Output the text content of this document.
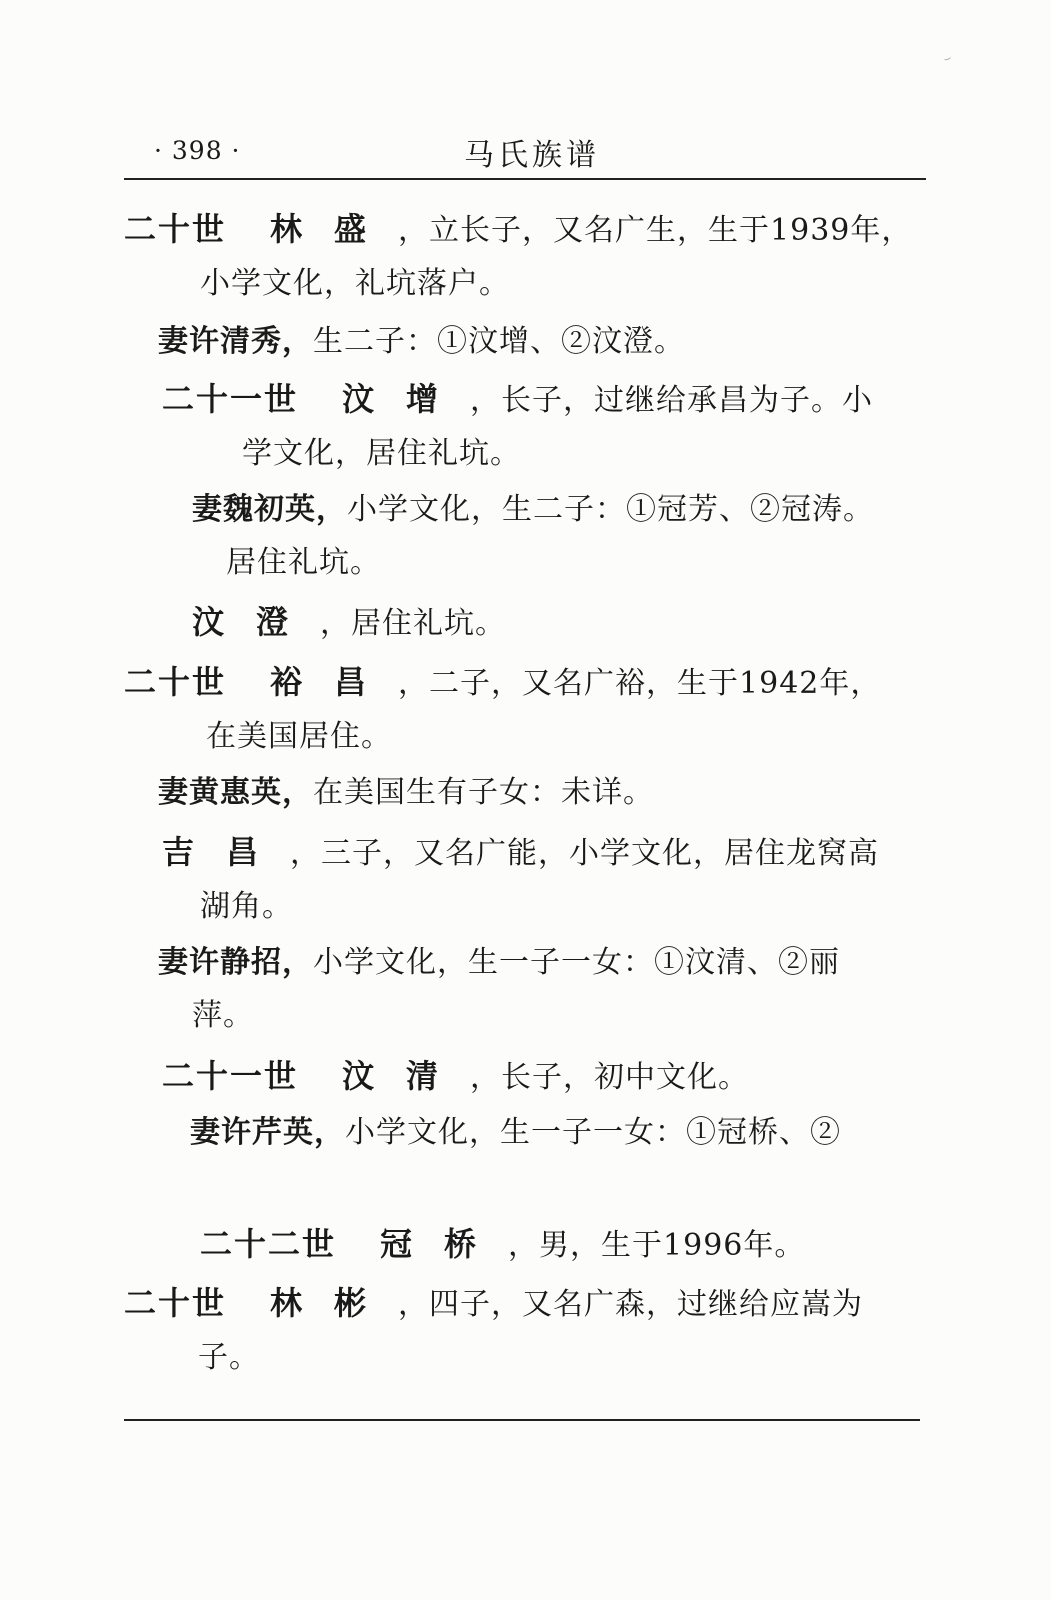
· 398 ·	马氏族谱
二十世 林盛，立长子，又名广生，生于1939年，
小学文化，礼坑落户。
妻许清秀，生二子：①汶增、②汶澄。
二十一世 汶增，长子，过继给承昌为子。小
学文化，居住礼坑。
妻魏初英，小学文化，生二子：①冠芳、②冠涛。
居住礼坑。
汶澄，居住礼坑。
二十世 裕昌，二子，又名广裕，生于1942年，
在美国居住。
妻黄惠英，在美国生有子女：未详。
吉昌，三子，又名广能，小学文化，居住龙窝高
湖角。
妻许静招，小学文化，生一子一女：①汶清、②丽
萍。
二十一世 汶清，长子，初中文化。
妻许芹英，小学文化，生一子一女：①冠桥、②
二十二世 冠桥，男，生于1996年。
二十世 林彬，四子，又名广森，过继给应嵩为
子。
